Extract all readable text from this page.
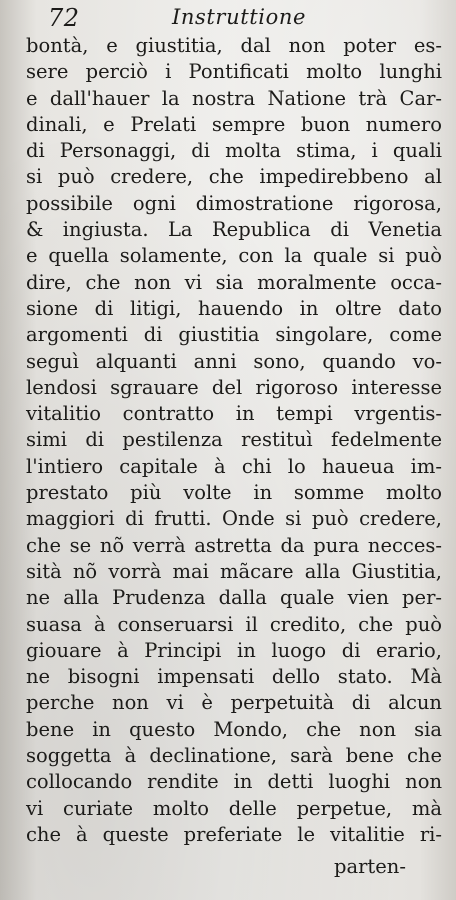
72	Instruttione
bontà, e giustitia, dal non poter es-
sere perciò i Pontificati molto lunghi
e dall'hauer la nostra Natione trà Car-
dinali, e Prelati sempre buon numero
di Personaggi, di molta stima, i quali
si può credere, che impedirebbeno al
possibile ogni dimostratione rigorosa,
& ingiusta. La Republica di Venetia
e quella solamente, con la quale si può
dire, che non vi sia moralmente occa-
sione di litigi, hauendo in oltre dato
argomenti di giustitia singolare, come
seguì alquanti anni sono, quando vo-
lendosi sgrauare del rigoroso interesse
vitalitio contratto in tempi vrgentis-
simi di pestilenza restituì fedelmente
l'intiero capitale à chi lo haueua im-
prestato più volte in somme molto
maggiori di frutti. Onde si può credere,
che se nõ verrà astretta da pura necces-
sità nõ vorrà mai mãcare alla Giustitia,
ne alla Prudenza dalla quale vien per-
suasa à conseruarsi il credito, che può
giouare à Principi in luogo di erario,
ne bisogni impensati dello stato. Mà
perche non vi è perpetuità di alcun
bene in questo Mondo, che non sia
soggetta à declinatione, sarà bene che
collocando rendite in detti luoghi non
vi curiate molto delle perpetue, mà
che à queste preferiate le vitalitie ri-
parten-
